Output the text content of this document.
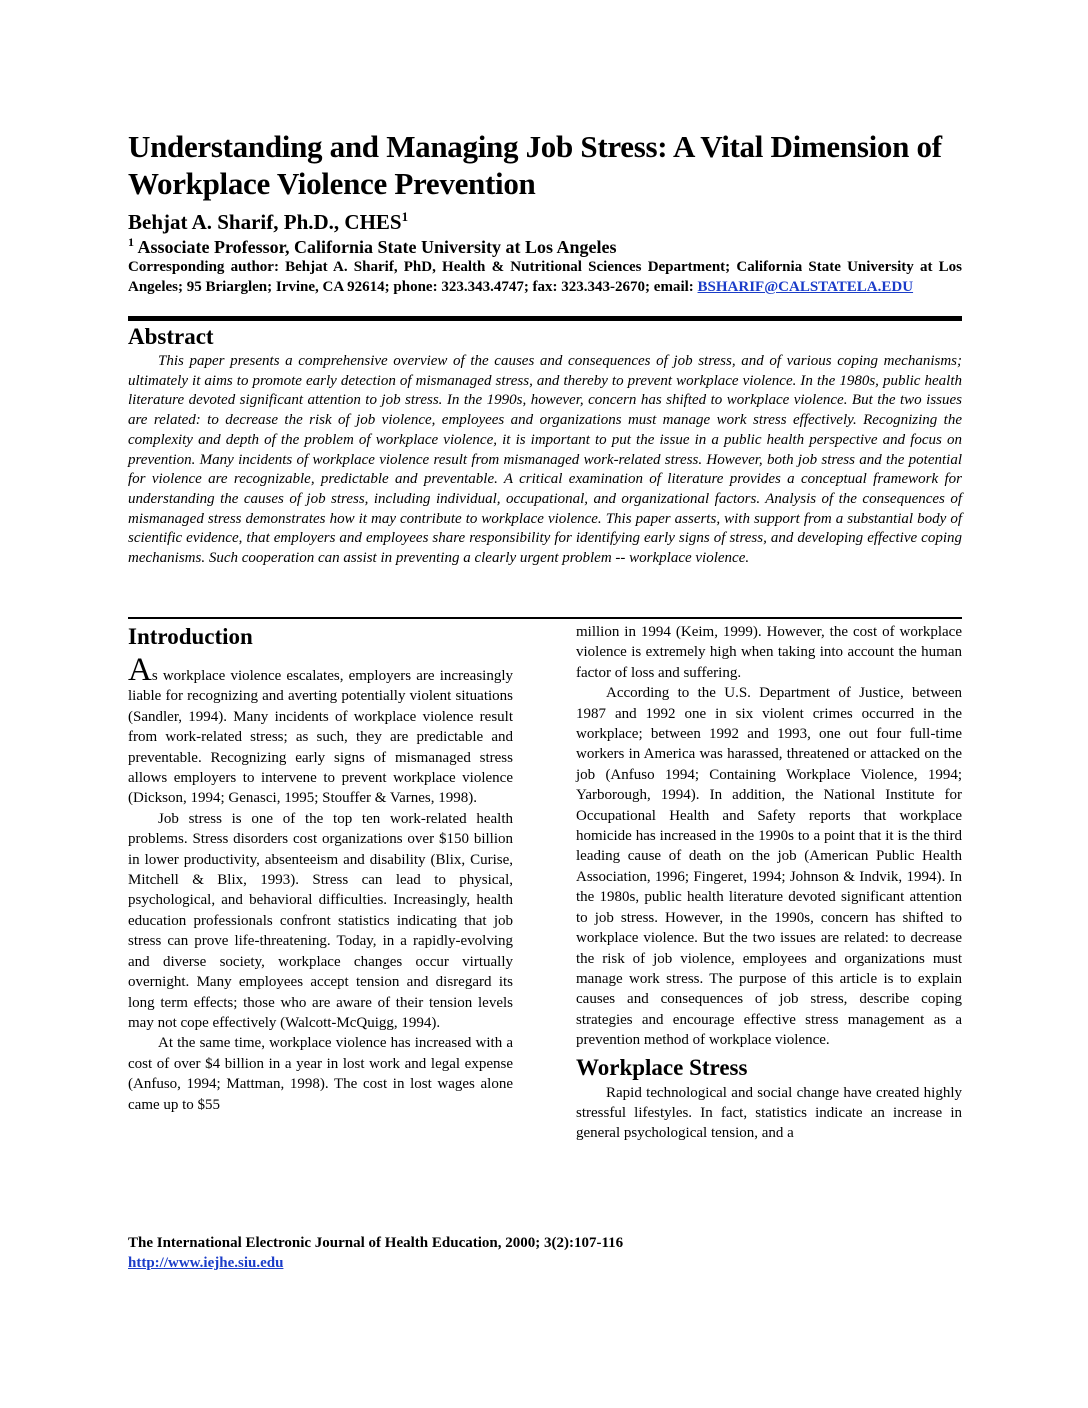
Understanding and Managing Job Stress: A Vital Dimension of Workplace Violence Prevention
Behjat A. Sharif, Ph.D., CHES$^1$
$^1$ Associate Professor, California State University at Los Angeles
Corresponding author: Behjat A. Sharif, PhD, Health & Nutritional Sciences Department; California State University at Los Angeles; 95 Briarglen; Irvine, CA 92614; phone: 323.343.4747; fax: 323.343-2670; email: BSHARIF@CALSTATELA.EDU
Abstract

This paper presents a comprehensive overview of the causes and consequences of job stress, and of various coping mechanisms; ultimately it aims to promote early detection of mismanaged stress, and thereby to prevent workplace violence. In the 1980s, public health literature devoted significant attention to job stress. In the 1990s, however, concern has shifted to workplace violence. But the two issues are related: to decrease the risk of job violence, employees and organizations must manage work stress effectively. Recognizing the complexity and depth of the problem of workplace violence, it is important to put the issue in a public health perspective and focus on prevention. Many incidents of workplace violence result from mismanaged work-related stress. However, both job stress and the potential for violence are recognizable, predictable and preventable. A critical examination of literature provides a conceptual framework for understanding the causes of job stress, including individual, occupational, and organizational factors. Analysis of the consequences of mismanaged stress demonstrates how it may contribute to workplace violence. This paper asserts, with support from a substantial body of scientific evidence, that employers and employees share responsibility for identifying early signs of stress, and developing effective coping mechanisms. Such cooperation can assist in preventing a clearly urgent problem -- workplace violence.

Introduction

As workplace violence escalates, employers are increasingly liable for recognizing and averting potentially violent situations (Sandler, 1994). Many incidents of workplace violence result from work-related stress; as such, they are predictable and preventable. Recognizing early signs of mismanaged stress allows employers to intervene to prevent workplace violence (Dickson, 1994; Genasci, 1995; Stouffer & Varnes, 1998).

Job stress is one of the top ten work-related health problems. Stress disorders cost organizations over $150 billion in lower productivity, absenteeism and disability (Blix, Curise, Mitchell & Blix, 1993). Stress can lead to physical, psychological, and behavioral difficulties. Increasingly, health education professionals confront statistics indicating that job stress can prove life-threatening. Today, in a rapidly-evolving and diverse society, workplace changes occur virtually overnight. Many employees accept tension and disregard its long term effects; those who are aware of their tension levels may not cope effectively (Walcott-McQuigg, 1994).

At the same time, workplace violence has increased with a cost of over $4 billion in a year in lost work and legal expense (Anfuso, 1994; Mattman, 1998). The cost in lost wages alone came up to $55

million in 1994 (Keim, 1999). However, the cost of workplace violence is extremely high when taking into account the human factor of loss and suffering.

According to the U.S. Department of Justice, between 1987 and 1992 one in six violent crimes occurred in the workplace; between 1992 and 1993, one out four full-time workers in America was harassed, threatened or attacked on the job (Anfuso 1994; Containing Workplace Violence, 1994; Yarborough, 1994). In addition, the National Institute for Occupational Health and Safety reports that workplace homicide has increased in the 1990s to a point that it is the third leading cause of death on the job (American Public Health Association, 1996; Fingeret, 1994; Johnson & Indvik, 1994). In the 1980s, public health literature devoted significant attention to job stress. However, in the 1990s, concern has shifted to workplace violence. But the two issues are related: to decrease the risk of job violence, employees and organizations must manage work stress. The purpose of this article is to explain causes and consequences of job stress, describe coping strategies and encourage effective stress management as a prevention method of workplace violence.

Workplace Stress

Rapid technological and social change have created highly stressful lifestyles. In fact, statistics indicate an increase in general psychological tension, and a

The International Electronic Journal of Health Education, 2000; 3(2):107-116
http://www.iejhe.siu.edu
